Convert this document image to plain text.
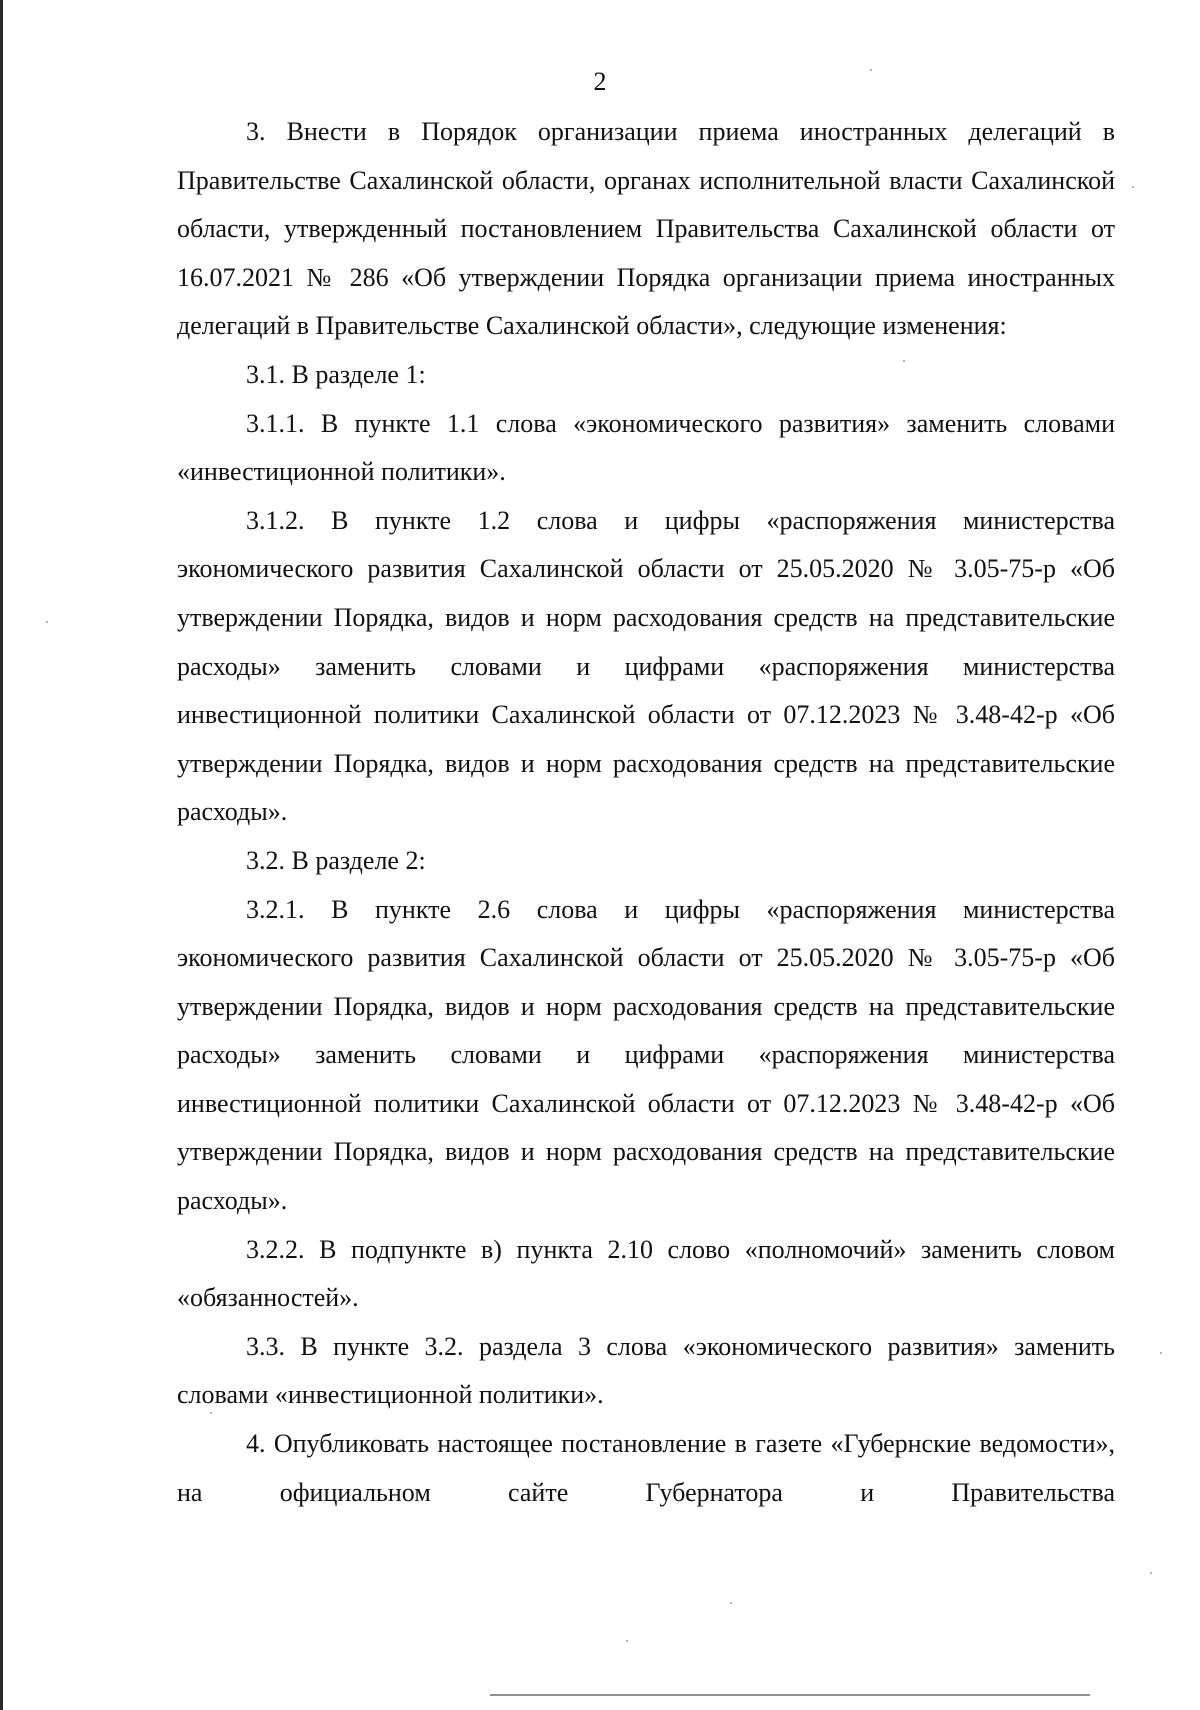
2

3. Внести в Порядок организации приема иностранных делегаций в Правительстве Сахалинской области, органах исполнительной власти Сахалинской области, утвержденный постановлением Правительства Сахалинской области от 16.07.2021 № 286 «Об утверждении Порядка организации приема иностранных делегаций в Правительстве Сахалинской области», следующие изменения:

3.1. В разделе 1:

3.1.1. В пункте 1.1 слова «экономического развития» заменить словами «инвестиционной политики».

3.1.2. В пункте 1.2 слова и цифры «распоряжения министерства экономического развития Сахалинской области от 25.05.2020 № 3.05-75-р «Об утверждении Порядка, видов и норм расходования средств на представительские расходы» заменить словами и цифрами «распоряжения министерства инвестиционной политики Сахалинской области от 07.12.2023 № 3.48-42-р «Об утверждении Порядка, видов и норм расходования средств на представительские расходы».

3.2. В разделе 2:

3.2.1. В пункте 2.6 слова и цифры «распоряжения министерства экономического развития Сахалинской области от 25.05.2020 № 3.05-75-р «Об утверждении Порядка, видов и норм расходования средств на представительские расходы» заменить словами и цифрами «распоряжения министерства инвестиционной политики Сахалинской области от 07.12.2023 № 3.48-42-р «Об утверждении Порядка, видов и норм расходования средств на представительские расходы».

3.2.2. В подпункте в) пункта 2.10 слово «полномочий» заменить словом «обязанностей».

3.3. В пункте 3.2. раздела 3 слова «экономического развития» заменить словами «инвестиционной политики».

4. Опубликовать настоящее постановление в газете «Губернские ведомости», на официальном сайте Губернатора и Правительства
